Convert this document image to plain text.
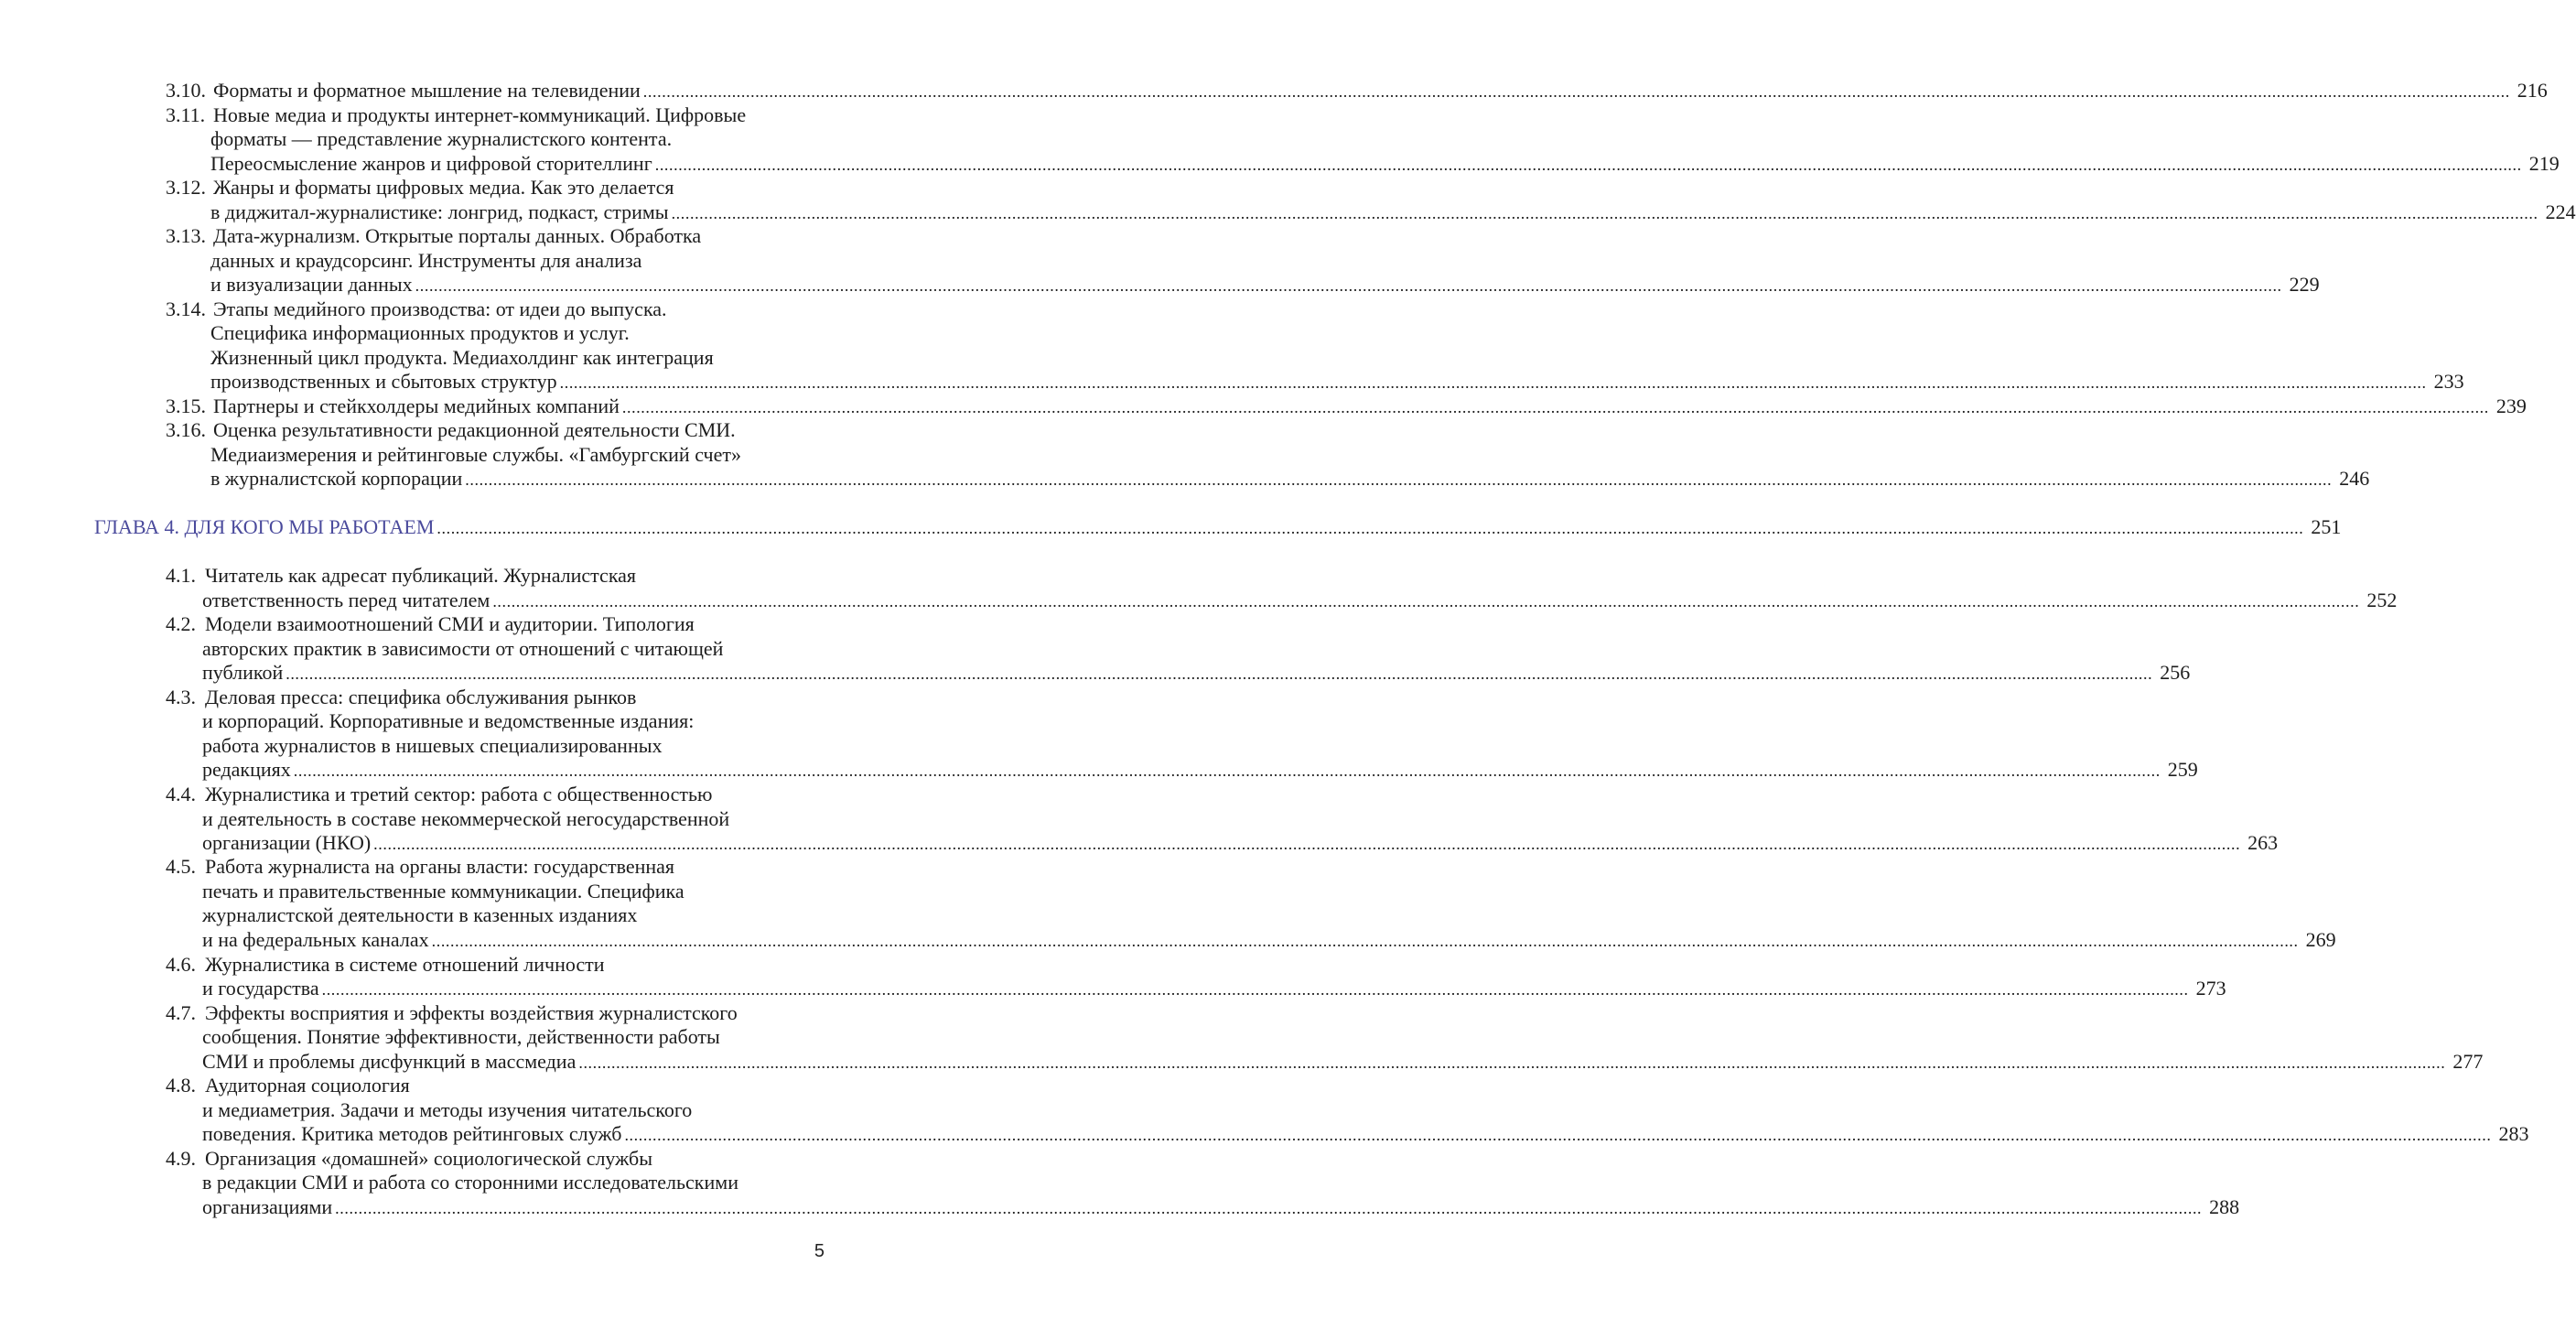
3.10. Форматы и форматное мышление на телевидении ................................................................................................................................................................................................................................................................................................................................................................................................................ 216
3.11. Новые медиа и продукты интернет-коммуникаций. Цифровые
форматы — представление журналистского контента.
Переосмысление жанров и цифровой сторителлинг ................................................................................................................................................................................................................................................................................................................................................................................................................ 219
3.12. Жанры и форматы цифровых медиа. Как это делается
в диджитал-журналистике: лонгрид, подкаст, стримы ................................................................................................................................................................................................................................................................................................................................................................................................................ 224
3.13. Дата-журнализм. Открытые порталы данных. Обработка
данных и краудсорсинг. Инструменты для анализа
и визуализации данных ................................................................................................................................................................................................................................................................................................................................................................................................................ 229
3.14. Этапы медийного производства: от идеи до выпуска.
Специфика информационных продуктов и услуг.
Жизненный цикл продукта. Медиахолдинг как интеграция
производственных и сбытовых структур ................................................................................................................................................................................................................................................................................................................................................................................................................ 233
3.15. Партнеры и стейкхолдеры медийных компаний ................................................................................................................................................................................................................................................................................................................................................................................................................ 239
3.16. Оценка результативности редакционной деятельности СМИ.
Медиаизмерения и рейтинговые службы. «Гамбургский счет»
в журналистской корпорации ................................................................................................................................................................................................................................................................................................................................................................................................................ 246
ГЛАВА 4. ДЛЯ КОГО МЫ РАБОТАЕМ ................................................................................................................................................................................................................................................................................................................................................................................................................ 251
4.1. Читатель как адресат публикаций. Журналистская
ответственность перед читателем ................................................................................................................................................................................................................................................................................................................................................................................................................ 252
4.2. Модели взаимоотношений СМИ и аудитории. Типология
авторских практик в зависимости от отношений с читающей
публикой ................................................................................................................................................................................................................................................................................................................................................................................................................ 256
4.3. Деловая пресса: специфика обслуживания рынков
и корпораций. Корпоративные и ведомственные издания:
работа журналистов в нишевых специализированных
редакциях ................................................................................................................................................................................................................................................................................................................................................................................................................ 259
4.4. Журналистика и третий сектор: работа с общественностью
и деятельность в составе некоммерческой негосударственной
организации (НКО) ................................................................................................................................................................................................................................................................................................................................................................................................................ 263
4.5. Работа журналиста на органы власти: государственная
печать и правительственные коммуникации. Специфика
журналистской деятельности в казенных изданиях
и на федеральных каналах ................................................................................................................................................................................................................................................................................................................................................................................................................ 269
4.6. Журналистика в системе отношений личности
и государства ................................................................................................................................................................................................................................................................................................................................................................................................................ 273
4.7. Эффекты восприятия и эффекты воздействия журналистского
сообщения. Понятие эффективности, действенности работы
СМИ и проблемы дисфункций в массмедиа ................................................................................................................................................................................................................................................................................................................................................................................................................ 277
4.8. Аудиторная социология
и медиаметрия. Задачи и методы изучения читательского
поведения. Критика методов рейтинговых служб ................................................................................................................................................................................................................................................................................................................................................................................................................ 283
4.9. Организация «домашней» социологической службы
в редакции СМИ и работа со сторонними исследовательскими
организациями ................................................................................................................................................................................................................................................................................................................................................................................................................ 288
5
